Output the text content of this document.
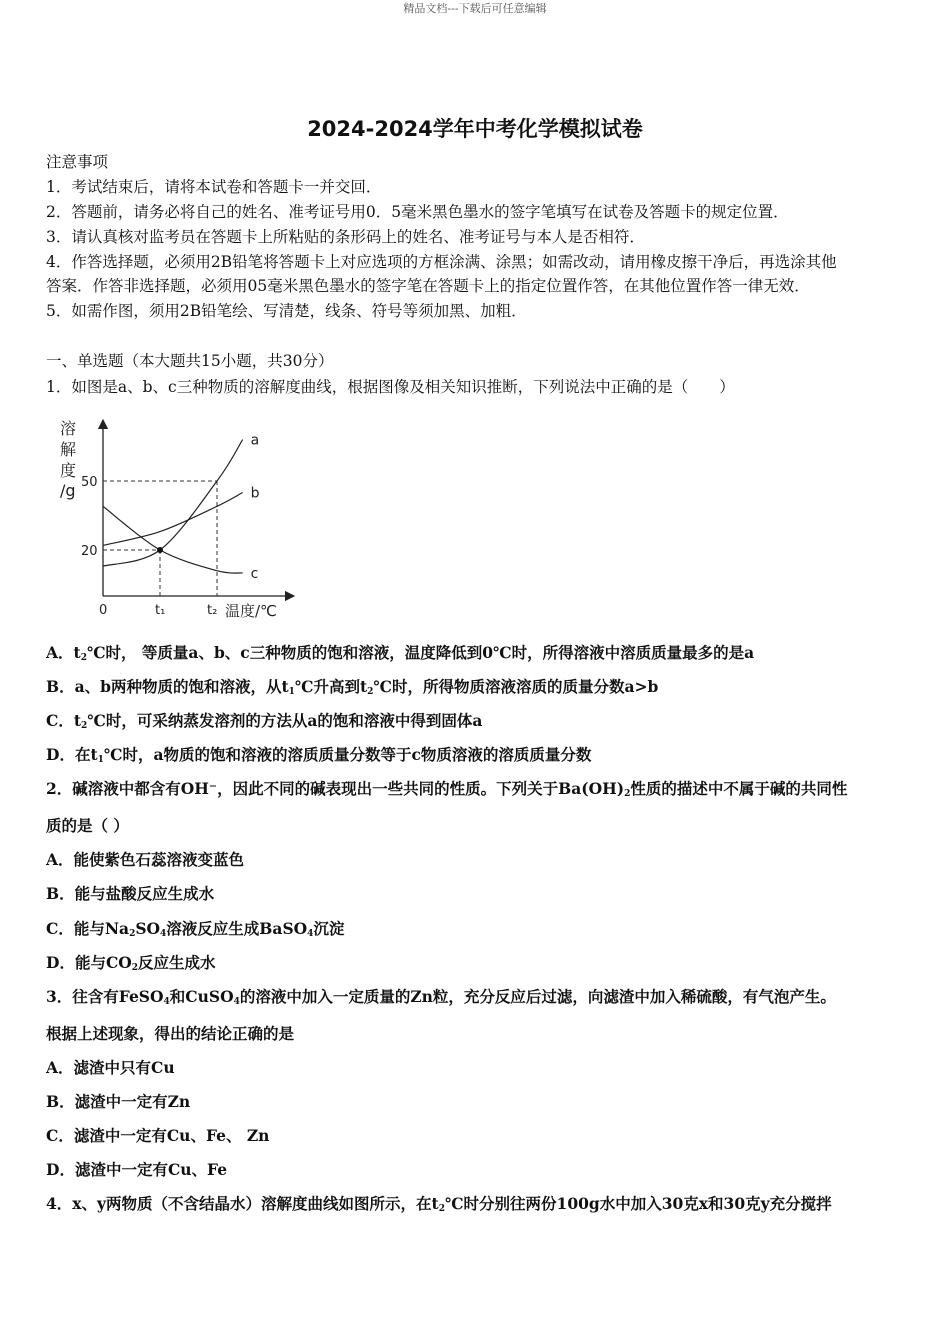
精品文档---下载后可任意编辑
2024-2024学年中考化学模拟试卷
注意事项
1．考试结束后，请将本试卷和答题卡一并交回．
2．答题前，请务必将自己的姓名、准考证号用0．5毫米黑色墨水的签字笔填写在试卷及答题卡的规定位置．
3．请认真核对监考员在答题卡上所粘贴的条形码上的姓名、准考证号与本人是否相符．
4．作答选择题，必须用2B铅笔将答题卡上对应选项的方框涂满、涂黑；如需改动，请用橡皮擦干净后，再选涂其他
答案．作答非选择题，必须用05毫米黑色墨水的签字笔在答题卡上的指定位置作答，在其他位置作答一律无效．
5．如需作图，须用2B铅笔绘、写清楚，线条、符号等须加黑、加粗．
一、单选题（本大题共15小题，共30分）
1．如图是a、b、c三种物质的溶解度曲线，根据图像及相关知识推断，下列说法中正确的是（　　）
a
b
c
50
20
0	t₁	t₂ 温度/℃
溶
解
度
/g
A．$t_2℃$时， 等质量a、b、c三种物质的饱和溶液，温度降低到0℃时，所得溶液中溶质质量最多的是a
B．a、b两种物质的饱和溶液，从$t_1℃$升高到$t_2℃$时，所得物质溶液溶质的质量分数a>b
C．$t_2℃$时，可采纳蒸发溶剂的方法从a的饱和溶液中得到固体a
D．在$t_1℃$时，a物质的饱和溶液的溶质质量分数等于c物质溶液的溶质质量分数
2．碱溶液中都含有OH⁻，因此不同的碱表现出一些共同的性质。下列关于$Ba(OH)_2$性质的描述中不属于碱的共同性
质的是（ ）
A．能使紫色石蕊溶液变蓝色
B．能与盐酸反应生成水
C．能与$Na_2SO_4$溶液反应生成BaSO$_4$沉淀
D．能与$CO_2$反应生成水
3．往含有FeSO$_4$和CuSO$_4$的溶液中加入一定质量的Zn粒，充分反应后过滤，向滤渣中加入稀硫酸，有气泡产生。
根据上述现象，得出的结论正确的是
A．滤渣中只有Cu
B．滤渣中一定有Zn
C．滤渣中一定有Cu、Fe、 Zn
D．滤渣中一定有Cu、Fe
4．x、y两物质（不含结晶水）溶解度曲线如图所示，在$t_2℃$时分别往两份100g水中加入30克x和30克y充分搅拌
